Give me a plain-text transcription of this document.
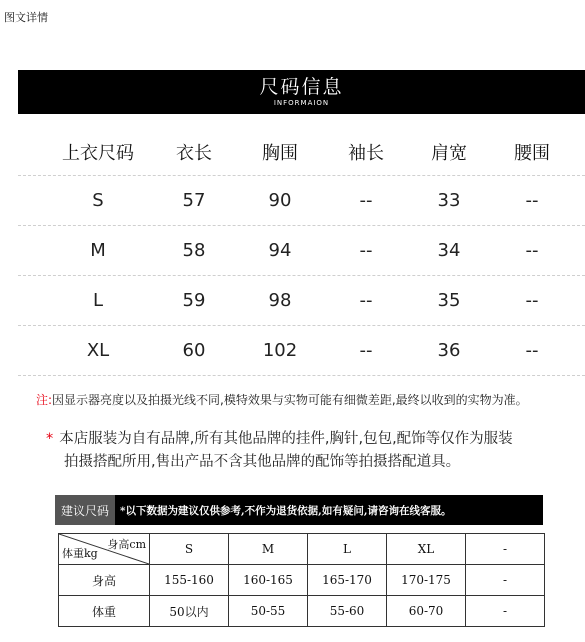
图文详情
尺码信息
INFORMAION
上衣尺码	衣长	胸围	袖长	肩宽	腰围
S	57	90	--	33	--
M	58	94	--	34	--
L	59	98	--	35	--
XL	60	102	--	36	--
注:因显示器亮度以及拍摄光线不同,模特效果与实物可能有细微差距,最终以收到的实物为准。
* 本店服装为自有品牌,所有其他品牌的挂件,胸针,包包,配饰等仅作为服装
拍摄搭配所用,售出产品不含其他品牌的配饰等拍摄搭配道具。
建议尺码	*以下数据为建议仅供参考,不作为退货依据,如有疑问,请咨询在线客服。
身高cm
体重kg	S	M	L	XL	-
身高	155-160	160-165	165-170	170-175	-
体重	50以内	50-55	55-60	60-70	-
